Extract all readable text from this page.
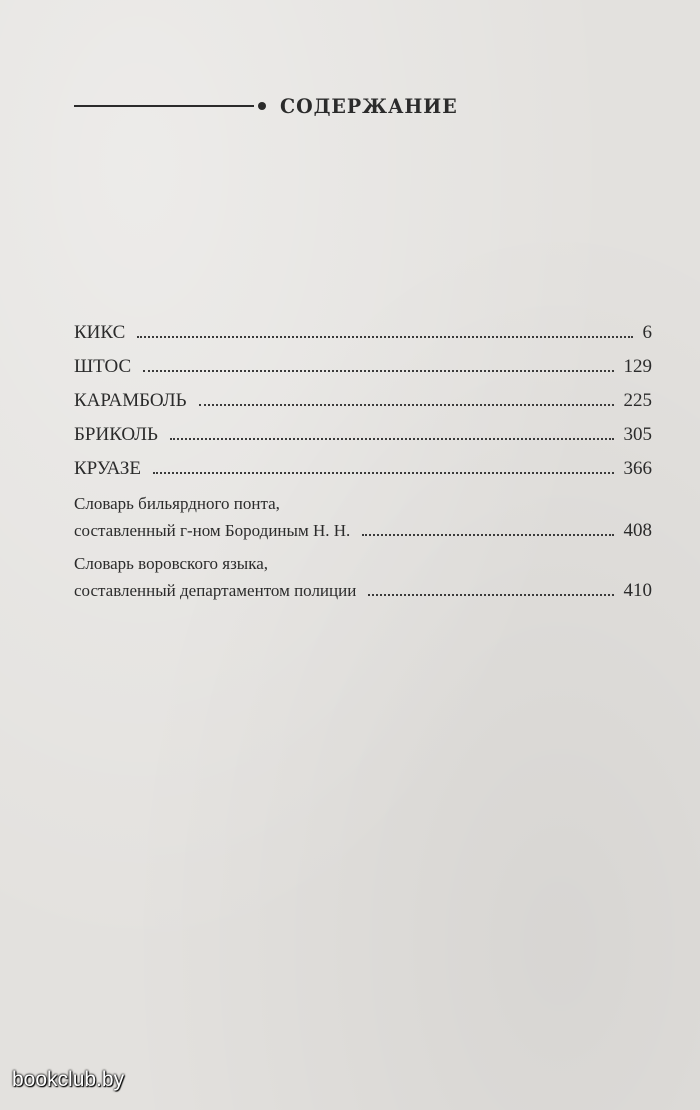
СОДЕРЖАНИЕ
КИКС	6
ШТОС	129
КАРАМБОЛЬ	225
БРИКОЛЬ	305
КРУАЗЕ	366
Словарь бильярдного понта,
составленный г-ном Бородиным Н. Н.	408
Словарь воровского языка,
составленный департаментом полиции	410
bookclub.by
